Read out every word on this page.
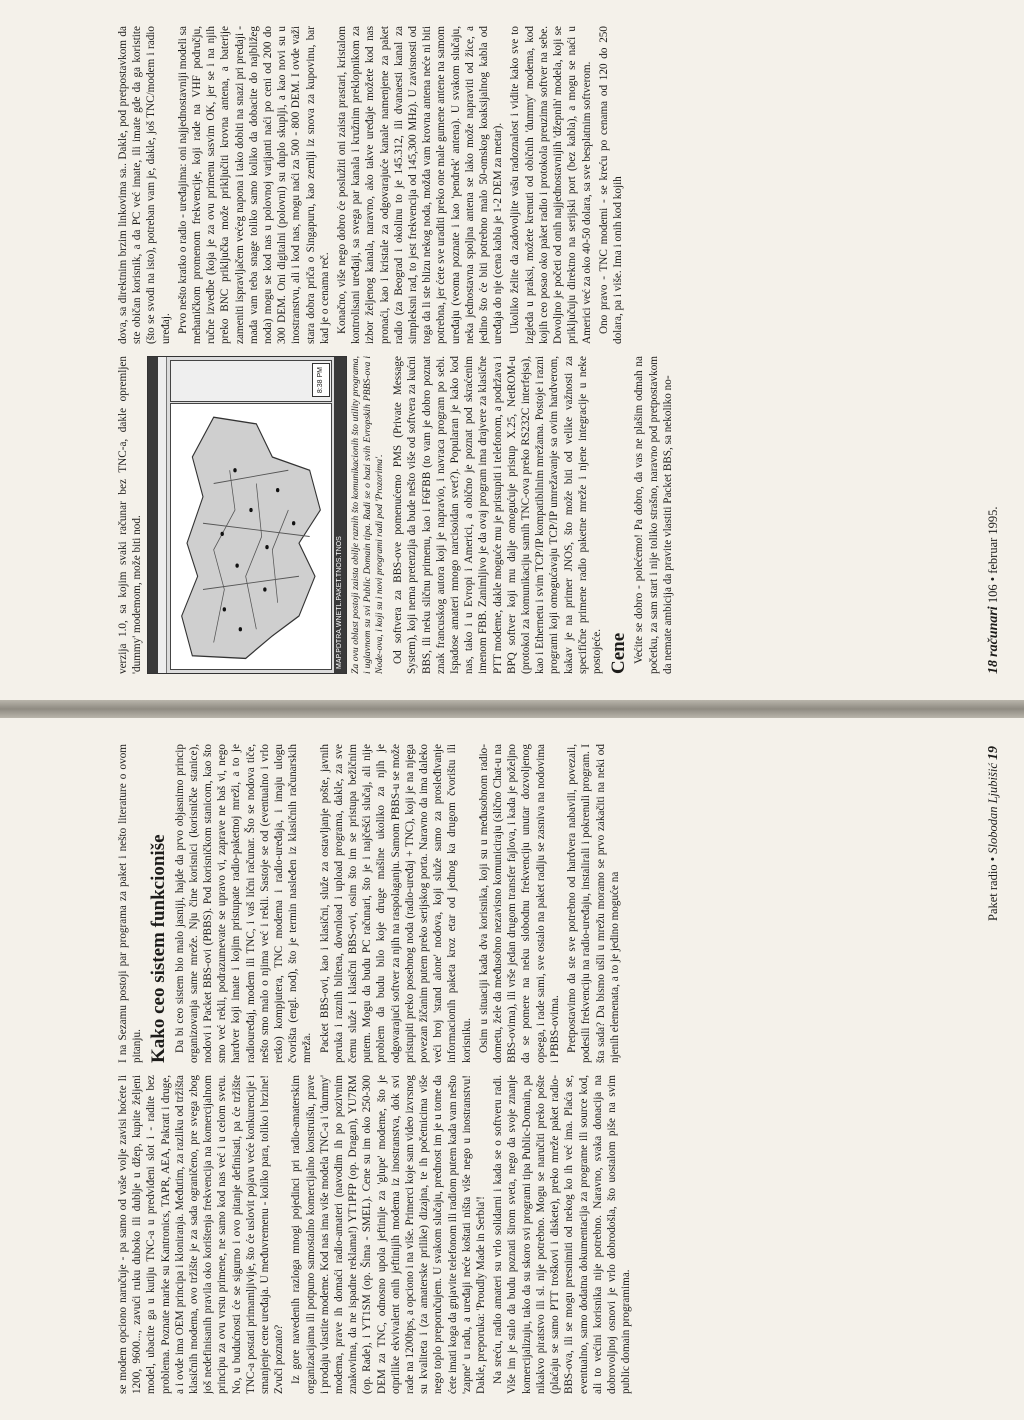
verzija 1.0, sa kojim svaki računar bez TNC-a, dakle opremljen 'dummy' modemom, može biti nod.

8:38 PM
MAP.PDTRA.WNETL.PAKET.TNOS.TNOS Za ovu oblast postoji zaista obilje raznih što komunikacionih što utility programa, i uglavnom su svi Public Domain tipa. Radi se o bazi svih Evropskih PBBS-ova i Node-ova, i koji su i novi programi radi pod 'Prozorima'. Od softvera za BBS-ove pomenućemo PMS (Private Message System), koji nema pretenzija da bude nešto više od softvera za kućni BBS, ili neku sličnu primenu, kao i F6FBB (to vam je dobro poznat znak francuskog autora koji je napravio, i navraca program po sebi. Ispadose amateri mnogo narcisoidan svet?). Popularan je kako kod nas, tako i u Evropi i Americi, a obično je poznat pod skraćenim imenom FBB. Zanimljivo je da ovaj program ima drajvere za klasične PTT modeme, dakle moguće mu je pristupiti i telefonom, a podržava i BPQ softver koji mu dalje omogućuje pristup X.25, NetROM-u (protokol za komunikaciju samih TNC-ova preko RS232C interfejsa), kao i Ethernetu i svim TCP/IP kompatibilnim mrežama. Postoje i razni programi koji omogućavaju TCP/IP umrežavanje sa ovim hardverom, kakav je na primer JNOS, što može biti od velike važnosti za specifične primene radio paketne mreže i njene integracije u neke postojeće. Cene Većite se dobro - polećemo! Pa dobro, da vas ne plašim odmah na početku, za sam start i nije toliko strašno, naravno pod pretpostavkom da nemate ambicija da pravite vlastiti Packet BBS, sa nekoliko no-

dova, sa direktnim brzim linkovima sa.. Dakle, pod pretpostavkom da ste običan korisnik, a da PC već imate, ili imate gde da ga koristite (što se svodi na isto), potreban vam je, dakle, još TNC/modem i radio uređaj. Prvo nešto kratko o radio - uređajima: oni najjednostavniji modeli sa mehaničkom promenom frekvencije, koji rade na VHF području, ručne izvedbe (koja je za ovu primenu sasvim OK, jer se i na njih preko BNC priključka može priključiti krovna antena, a baterije zameniti ispravljačem većeg napona i tako dobiti na snazi pri predaji - mada vam teba snage toliko samo koliko da dobacite do najbližeg noda) mogu se kod nas u polovnoj varijanti naći po ceni od 200 do 300 DEM. Oni digitalni (polovni) su duplo skuplji, a kao novi su u inostranstvu, ali i kod nas, mogu naći za 500 - 800 DEM. I ovde važi stara dobra priča o Singapuru, kao zemlji iz snova za kupovinu, bar kad je o cenama reč. Konačno, više nego dobro će poslužiti oni zaista prastari, kristalom kontrolisani uređaji, sa svega par kanala i kružnim preklopnikom za izbor željenog kanala, naravno, ako takve uređaje možete kod nas pronaći, kao i kristale za odgovarajuće kanale namenjene za paket radio (za Beograd i okolinu to je 145.312, ili dvanaesti kanal za simpleksni rad, to jest frekvencija od 145,300 MHz). U zavisnosti od toga da li ste blizu nekog noda, možda vam krovna antena neće ni biti potrebna, jer ćete sve uraditi preko one male gumene antene na samom uređaju (veoma poznate i kao 'pendrek' antena). U svakom slučaju, neka jednostavna spoljna antena se lako može napraviti od žice, a jedino što će biti potrebno malo 50-omskog koaksijalnog kabla od uređaja do nje (cena kabla je 1-2 DEM za metar). Ukoliko želite da zadovoljite vašu radoznalost i vidite kako sve to izgleda u praksi, možete krenuti od običnih 'dummy' modema, kod kojih ceo posao oko paket radio i protokola preuzima softver na sebe. Dovoljno je početi od onih najjednostavnijih 'džepnih' modela, koji se priključuju direktno na serijski port (bez kabla), a mogu se naći u Americi već za oko 40-50 dolara, sa sve besplatnim softverom. Ono pravo - TNC modemi - se kreću po cenama od 120 do 250 dolara, pa i više. Ima i onih kod kojih

18 računari 106 • februar 1995.

se modem opciono naručuje - pa samo od vaše volje zavisi hoćete li 1200, 9600..., zavući ruku duboko ili dublje u džep, kupite željeni model, ubacite ga u kutiju TNC-a u predviđeni slot i - radite bez problema. Poznate marke su Kantronics, TAPR, AEA, Pakratt i druge, a i ovde ima OEM principa i kloniranja. Međutim, za razliku od tržišta klasičnih modema, ovo tržište je za sada ograničeno, pre svega zbog još nedefinisanih pravila oko korištenja frekvencija na komercijalnom principu za ovu vrstu primene, ne samo kod nas već i u celom svetu. No, u budućnosti će se sigurno i ovo pitanje definisati, pa će tržište TNC-a postati primamljivije, što će uslovit pojavu veće konkurencije i smanjenje cene uređaja. U međuvremenu - koliko para, toliko i brzine! Zvuči poznato? Iz gore navedenih razloga mnogi pojedinci pri radio-amaterskim organizacijama ili potpuno samostalno komercijalno konstruišu, prave i prodaju vlastite modeme. Kod nas ima više modela TNC-a i 'dummy' modema, prave ih domaći radio-amateri (navodim ih po pozivnim znakovima, da ne ispadne reklama!) YT1PFP (op. Dragan), YU7RM (op. Rade), i YT1SM (op. Šima - SMEL). Cene su im oko 250-300 DEM za TNC, odnosno upola jeftinije za 'glupe' modeme, što je otprilike ekvivalent onih jeftinijih modema iz inostranstva, dok svi rade na 1200bps, a opciono i na više. Primerci koje sam video izvrsnog su kvaliteta i (za amaterske prilike) dizajna, te ih početnicima više nego toplo preporučujem. U svakom slučaju, prednost im je u tome da ćete imati koga da gnjavite telefonom ili radiom putem kada vam nešto 'zapne' u radu, a uređaji neće koštati ništa više nego u inostranstvu! Dakle, preporuka: 'Proudly Made in Serbia'! Na sreću, radio amateri su vrlo solidarni i kada se o softveru radi. Više im je stalo da budu poznati širom sveta, nego da svoje znanje komercijalizuju, tako da su skoro svi programi tipa Public-Domain, pa nikakvo piratstvo ili sl. nije potrebno. Mogu se naručiti preko pošte (plaćaju se samo PTT troškovi i diskete), preko mreže paket radio-BBS-ova, ili se mogu presnimiti od nekog ko ih već ima. Plaća se, eventualno, samo dodatna dokumentacija za programe ili source kod, ali to većini korisnika nije potrebno. Naravno, svaka donacija na dobrovoljnoj osnovi je vrlo dobrodošla, što uostalom piše na svim public domain programima.

I na Sezamu postoji par programa za paket i nešto literature o ovom pitanju. Kako ceo sistem funkcioniše Da bi ceo sistem bio malo jasniji, hajde da prvo objasnimo princip organizovanja same mreže. Nju čine korisnici (korisničke stanice), nodovi i Packet BBS-ovi (PBBS). Pod korisničkom stanicom, kao što smo već rekli, podrazumevate se upravo vi, zaprave ne baš vi, nego hardver koji imate i kojim pristupate radio-paketnoj mreži, a to je radiouređaj, modem ili TNC, i vaš lični računar. Što se nodova tiče, nešto smo malo o njima već i rekli. Sastoje se od (eventualno i vrlo retko) kompjutera, TNC modema i radio-uređaja, i imaju ulogu čvorišta (engl. nod), što je termin nasleđen iz klasičnih računarskih mreža. Packet BBS-ovi, kao i klasični, služe za ostavljanje pošte, javnih poruka i raznih biltena, download i upload programa, dakle, za sve čemu služe i klasični BBS-ovi, osim što im se pristupa bežičnim putem. Mogu da budu PC računari, što je i najčešći slučaj, ali nije problem da budu bilo koje druge mašine ukoliko za njih je odgovarajući softver za njih na raspolaganju. Samom PBBS-u se može pristupiti preko posebnog noda (radio-uređaj + TNC), koji je na njega povezan žičanim putem preko serijskog porta. Naravno da ima daleko veći broj 'stand alone' nodova, koji služe samo za prosleđivanje informacionih paketa kroz etar od jednog ka drugom čvorištu ili korisniku. Osim u situaciji kada dva korisnika, koji su u međusobnom radio-dometu, žele da međusobno nezavisno komuniciraju (slično Chat-u na BBS-ovima), ili vrše jedan drugom transfer fajlova, i kada je poželjno da se pomere na neku slobodnu frekvenciju unutar dozvoljenog opsega, i rade sami, sve ostalo na paket radiju se zasniva na nodovima i PBBS-ovima. Pretpostavimo da ste sve potrebno od hardvera nabavili, povezali, podesili frekvenciju na radio-uređaju, instalirali i pokrenuli program. I šta sada? Da bismo ušli u mrežu moramo se prvo zakačiti na neki od njenih elemenata, a to je jedino moguće na	Paket radio • Slobodan Ljubišić 19
